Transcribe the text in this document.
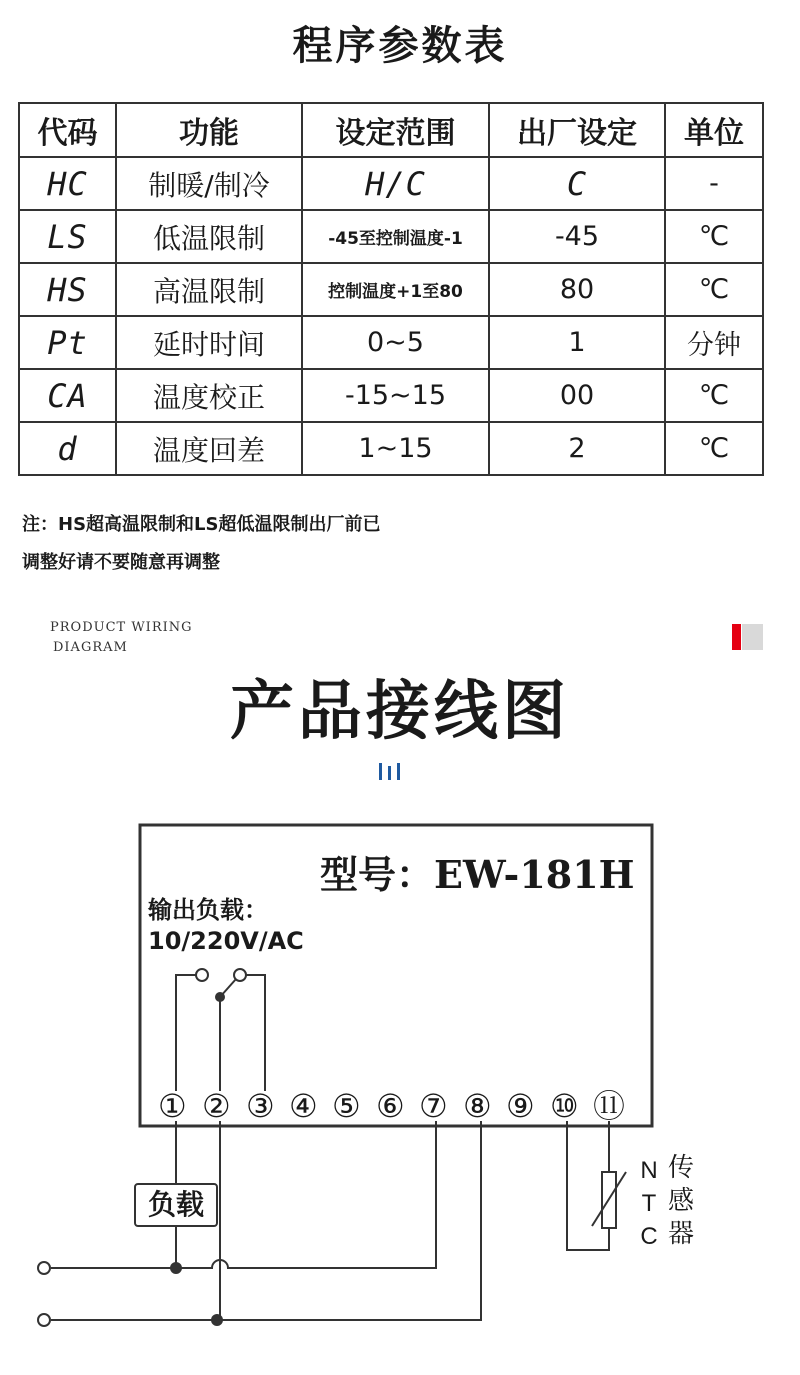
程序参数表
代码	功能	设定范围	出厂设定	单位
HC	制暖/制冷	H/C	C	-
LS	低温限制	-45至控制温度-1	-45	℃
HS	高温限制	控制温度+1至80	80	℃
Pt	延时时间	0~5	1	分钟
CA	温度校正	-15~15	00	℃
d	温度回差	1~15	2	℃
注：HS超高温限制和LS超低温限制出厂前已
调整好请不要随意再调整
PRODUCT WIRING
DIAGRAM
产品接线图
型号：EW-181H
输出负载：
10/220V/AC
① ② ③ ④ ⑤ ⑥ ⑦ ⑧ ⑨ ⑩ ⑪
负载
N
T
C
传
感
器
